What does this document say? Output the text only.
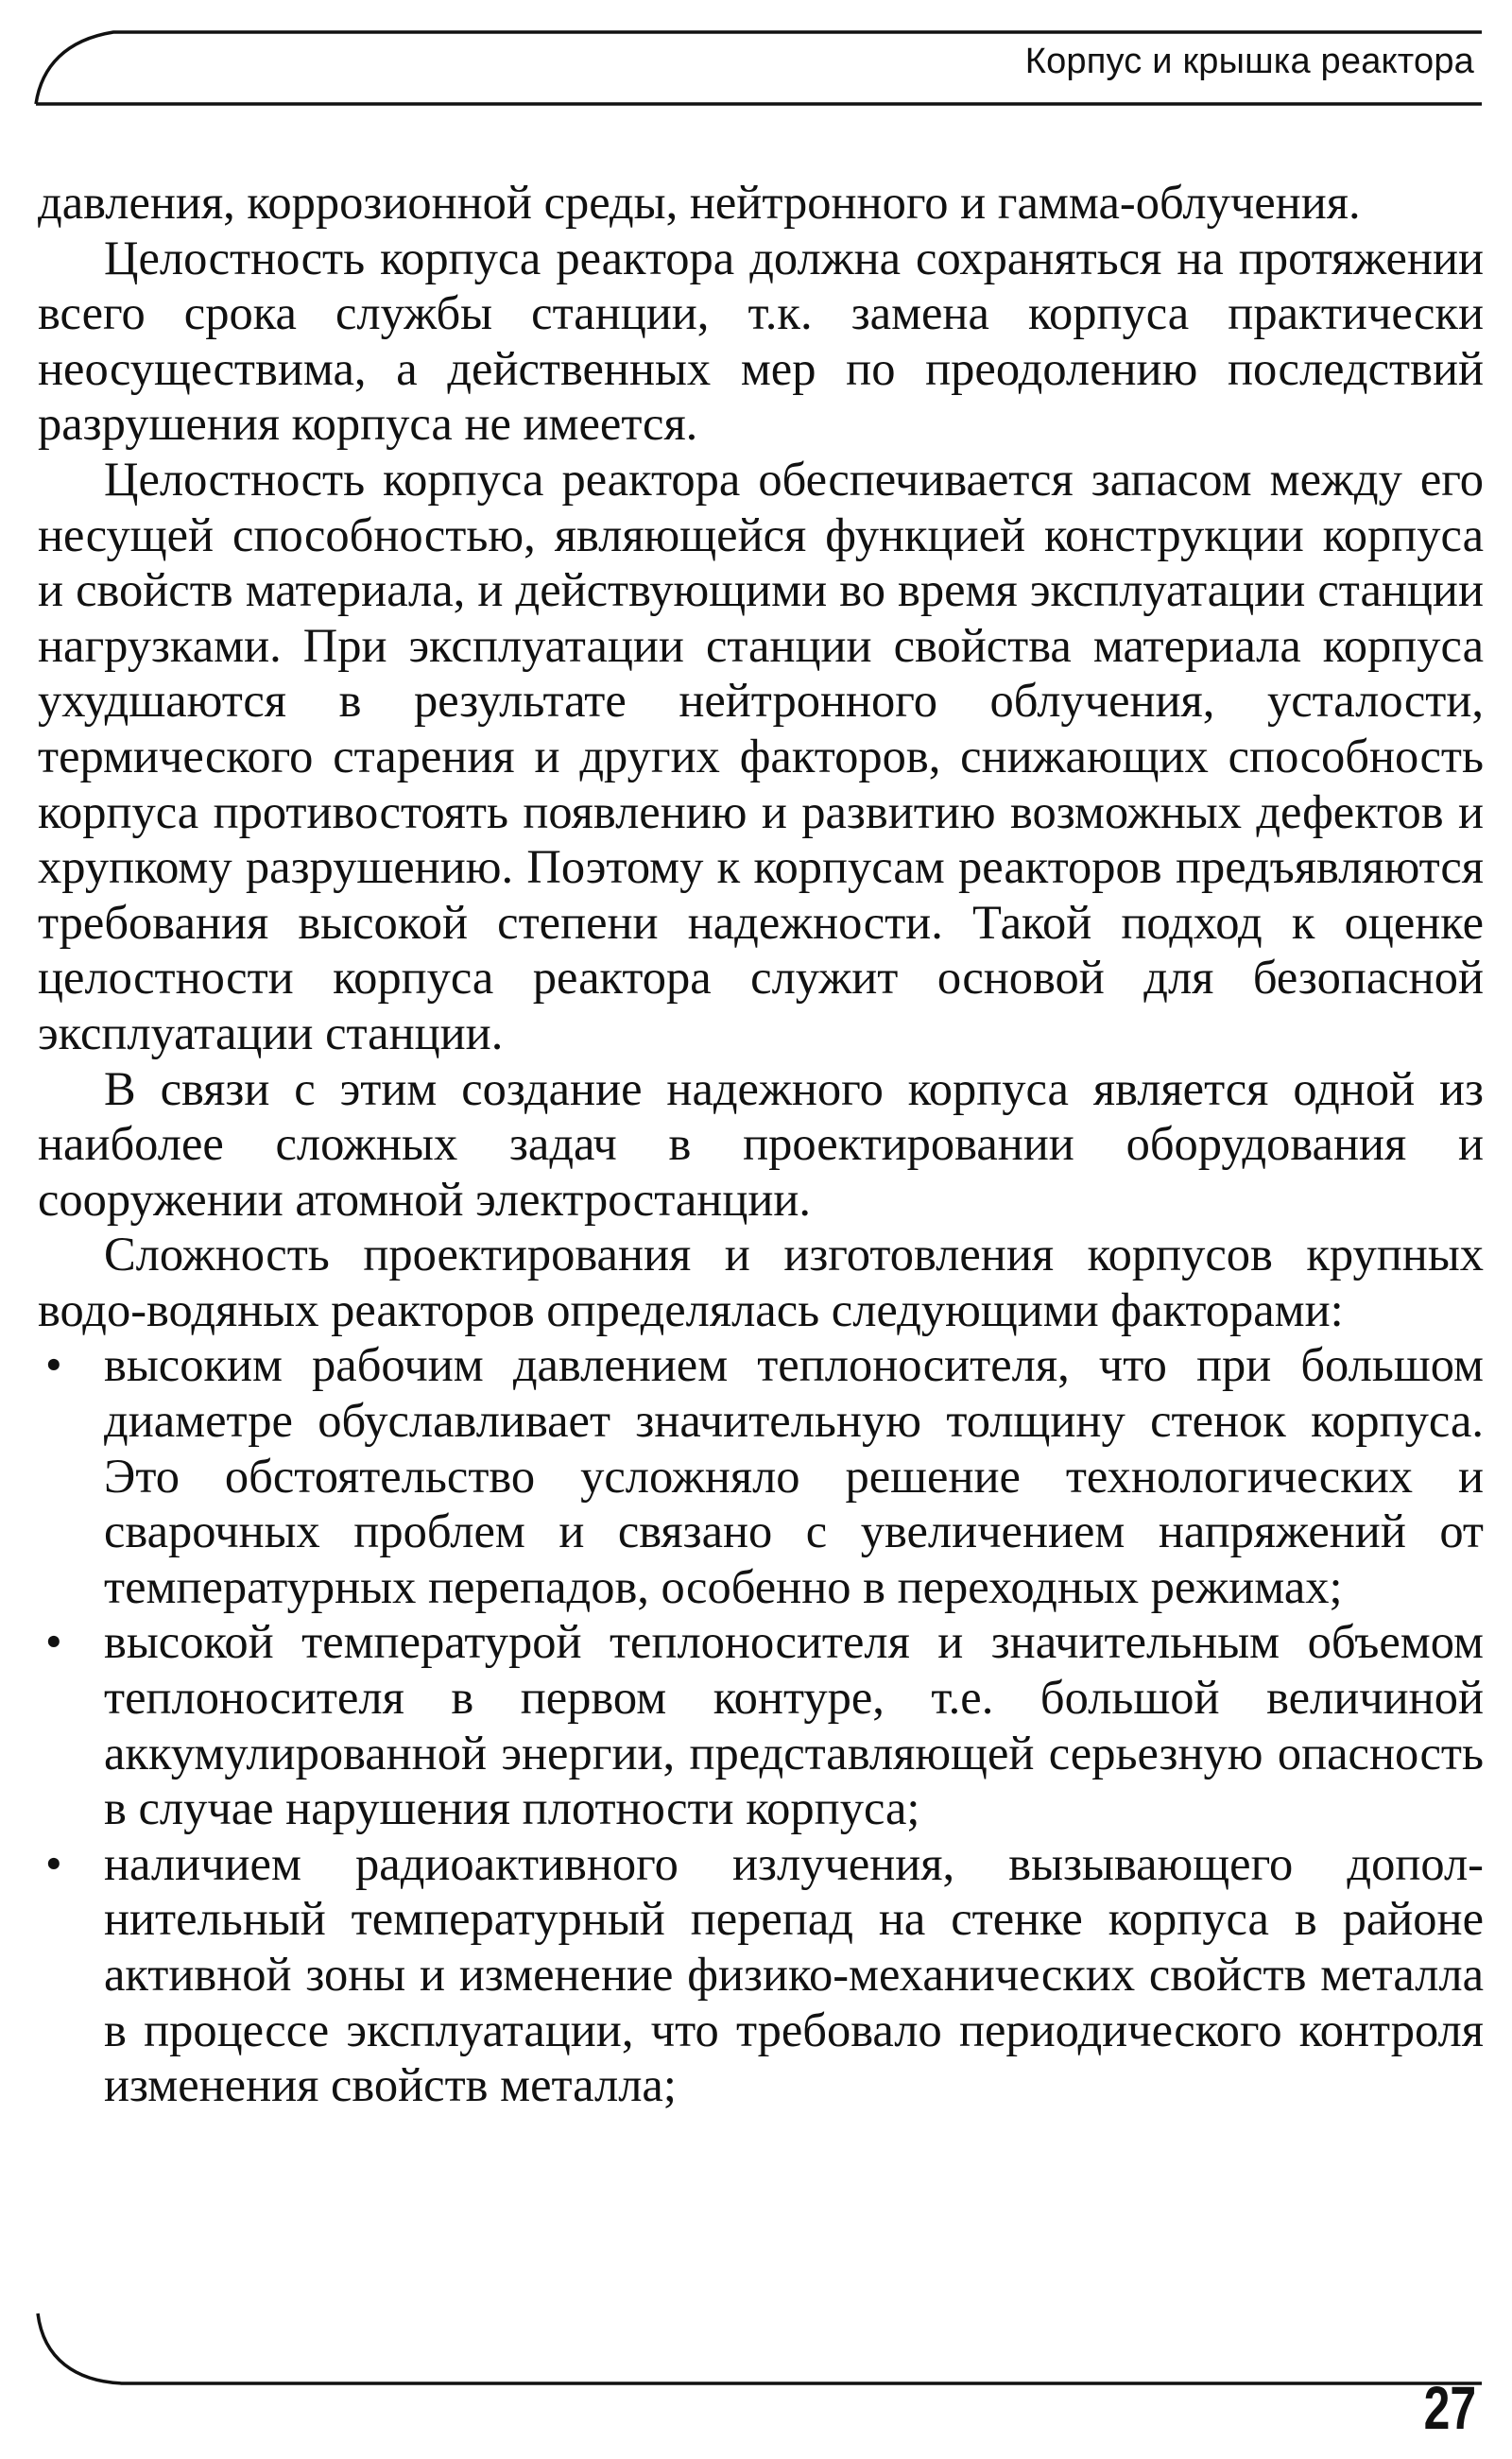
Корпус и крышка реактора

давления, коррозионной среды, нейтронного и гамма-облучения.

Целостность корпуса реактора должна сохраняться на протяжении всего срока службы станции, т.к. замена корпуса практически неосуществима, а действенных мер по преодолению последствий разрушения корпуса не имеется.

Целостность корпуса реактора обеспечивается запасом между его несущей способностью, являющейся функцией конструкции корпуса и свойств материала, и действующими во время эксплуатации станции нагрузками. При эксплуатации станции свойства материала корпуса ухудшаются в результате нейтронного облучения, усталости, термического старения и других факторов, снижающих способность корпуса противостоять появлению и развитию возможных дефектов и хрупкому разрушению. Поэтому к корпусам реакторов предъявляются требования высокой степени надежности. Такой подход к оценке целостности корпуса реактора служит основой для безопасной эксплуатации станции.

В связи с этим создание надежного корпуса является одной из наиболее сложных задач в проектировании оборудования и сооружении атомной электростанции.

Сложность проектирования и изготовления корпусов крупных водо-водяных реакторов определялась следующими факторами:

• высоким рабочим давлением теплоносителя, что при большом диаметре обуславливает значительную толщину стенок корпуса. Это обстоятельство усложняло решение технологических и сварочных проблем и связано с увеличением напряжений от температурных перепадов, особенно в переходных режимах;
• высокой температурой теплоносителя и значительным объемом теплоносителя в первом контуре, т.е. большой величиной аккумулированной энергии, представляющей серьезную опасность в случае нарушения плотности корпуса;
• наличием радиоактивного излучения, вызывающего дополнительный температурный перепад на стенке корпуса в районе активной зоны и изменение физико-механических свойств металла в процессе эксплуатации, что требовало периодического контроля изменения свойств металла;
27
